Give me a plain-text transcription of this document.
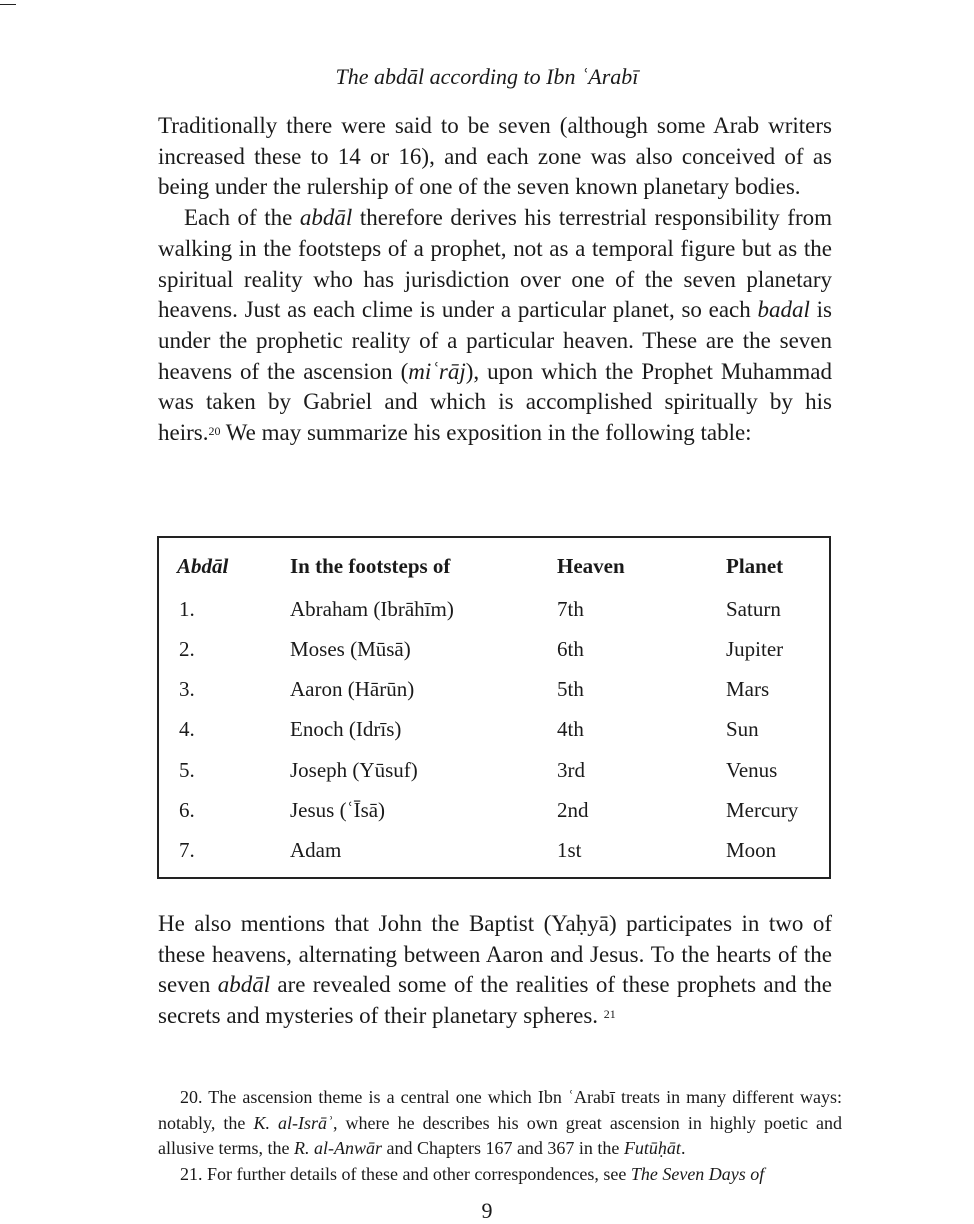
The abdāl according to Ibn ʿArabī

Traditionally there were said to be seven (although some Arab writers increased these to 14 or 16), and each zone was also conceived of as being under the rulership of one of the seven known planetary bodies.

Each of the abdāl therefore derives his terrestrial responsibility from walking in the footsteps of a prophet, not as a temporal figure but as the spiritual reality who has jurisdiction over one of the seven planetary heavens. Just as each clime is under a particular planet, so each badal is under the prophetic reality of a particular heaven. These are the seven heavens of the ascension (miʿrāj), upon which the Prophet Muhammad was taken by Gabriel and which is accomplished spiritually by his heirs.$^{20}$ We may summarize his exposition in the following table:

Abdāl	In the footsteps of	Heaven	Planet
1.	Abraham (Ibrāhīm)	7th	Saturn
2.	Moses (Mūsā)	6th	Jupiter
3.	Aaron (Hārūn)	5th	Mars
4.	Enoch (Idrīs)	4th	Sun
5.	Joseph (Yūsuf)	3rd	Venus
6.	Jesus (ʿĪsā)	2nd	Mercury
7.	Adam	1st	Moon

He also mentions that John the Baptist (Yaḥyā) participates in two of these heavens, alternating between Aaron and Jesus. To the hearts of the seven abdāl are revealed some of the realities of these prophets and the secrets and mysteries of their planetary spheres. $^{21}$

20. The ascension theme is a central one which Ibn ʿArabī treats in many different ways: notably, the K. al-Isrāʾ, where he describes his own great ascension in highly poetic and allusive terms, the R. al-Anwār and Chapters 167 and 367 in the Futūḥāt.

21. For further details of these and other correspondences, see The Seven Days of

9
